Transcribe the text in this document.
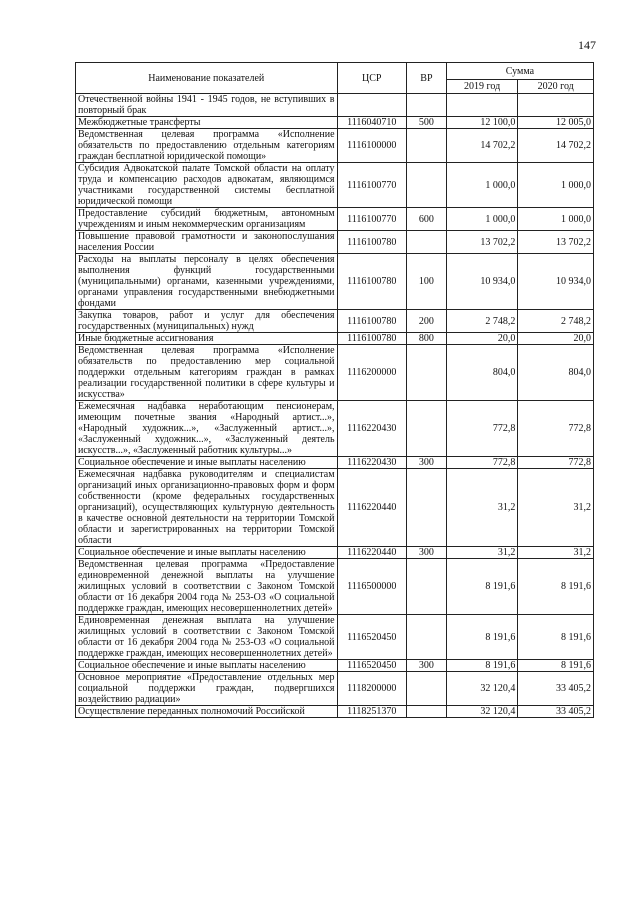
147
Наименование показателей	ЦСР	ВР	Сумма	
			2019 год	2020 год
Отечественной войны 1941 - 1945 годов, не вступивших в повторный брак				
Межбюджетные трансферты	1116040710	500	12 100,0	12 005,0
Ведомственная целевая программа «Исполнение обязательств по предоставлению отдельным категориям граждан бесплатной юридической помощи»	1116100000		14 702,2	14 702,2
Субсидия Адвокатской палате Томской области на оплату труда и компенсацию расходов адвокатам, являющимся участниками государственной системы бесплатной юридической помощи	1116100770		1 000,0	1 000,0
Предоставление субсидий бюджетным, автономным учреждениям и иным некоммерческим организациям	1116100770	600	1 000,0	1 000,0
Повышение правовой грамотности и законопослушания населения России	1116100780		13 702,2	13 702,2
Расходы на выплаты персоналу в целях обеспечения выполнения функций государственными (муниципальными) органами, казенными учреждениями, органами управления государственными внебюджетными фондами	1116100780	100	10 934,0	10 934,0
Закупка товаров, работ и услуг для обеспечения государственных (муниципальных) нужд	1116100780	200	2 748,2	2 748,2
Иные бюджетные ассигнования	1116100780	800	20,0	20,0
Ведомственная целевая программа «Исполнение обязательств по предоставлению мер социальной поддержки отдельным категориям граждан в рамках реализации государственной политики в сфере культуры и искусства»	1116200000		804,0	804,0
Ежемесячная надбавка неработающим пенсионерам, имеющим почетные звания «Народный артист...», «Народный художник...», «Заслуженный артист...», «Заслуженный художник...», «Заслуженный деятель искусств...», «Заслуженный работник культуры...»	1116220430		772,8	772,8
Социальное обеспечение и иные выплаты населению	1116220430	300	772,8	772,8
Ежемесячная надбавка руководителям и специалистам организаций иных организационно-правовых форм и форм собственности (кроме федеральных государственных организаций), осуществляющих культурную деятельность в качестве основной деятельности на территории Томской области и зарегистрированных на территории Томской области	1116220440		31,2	31,2
Социальное обеспечение и иные выплаты населению	1116220440	300	31,2	31,2
Ведомственная целевая программа «Предоставление единовременной денежной выплаты на улучшение жилищных условий в соответствии с Законом Томской области от 16 декабря 2004 года № 253-ОЗ «О социальной поддержке граждан, имеющих несовершеннолетних детей»	1116500000		8 191,6	8 191,6
Единовременная денежная выплата на улучшение жилищных условий в соответствии с Законом Томской области от 16 декабря 2004 года № 253-ОЗ «О социальной поддержке граждан, имеющих несовершеннолетних детей»	1116520450		8 191,6	8 191,6
Социальное обеспечение и иные выплаты населению	1116520450	300	8 191,6	8 191,6
Основное мероприятие «Предоставление отдельных мер социальной поддержки граждан, подвергшихся воздействию радиации»	1118200000		32 120,4	33 405,2
Осуществление переданных полномочий Российской	1118251370		32 120,4	33 405,2
